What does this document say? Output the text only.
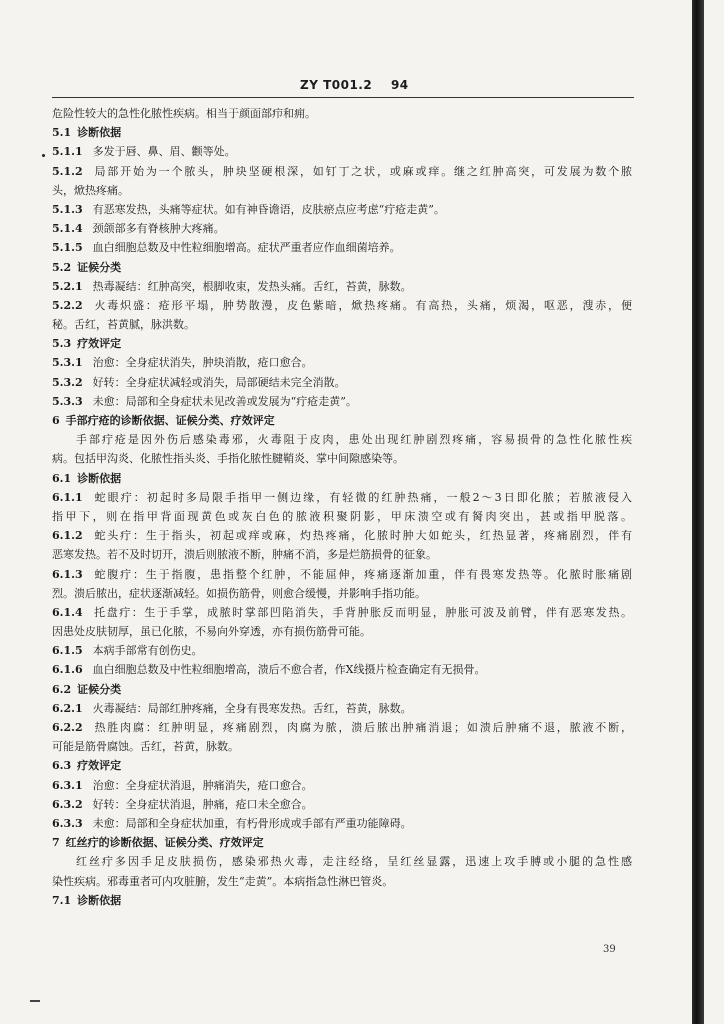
ZY T001.2 94
危险性较大的急性化脓性疾病。相当于颜面部疖和痈。
5.1 诊断依据
5.1.1 多发于唇、鼻、眉、颧等处。
5.1.2 局部开始为一个脓头，肿块坚硬根深，如钉丁之状，或麻或痒。继之红肿高突，可发展为数个脓
头，焮热疼痛。
5.1.3 有恶寒发热，头痛等症状。如有神昏谵语，皮肤瘀点应考虑“疔疮走黄”。
5.1.4 颈颌部多有脊核肿大疼痛。
5.1.5 血白细胞总数及中性粒细胞增高。症状严重者应作血细菌培养。
5.2 证候分类
5.2.1 热毒凝结：红肿高突，根脚收束，发热头痛。舌红，苔黄，脉数。
5.2.2 火毒炽盛：疮形平塌，肿势散漫，皮色紫暗，焮热疼痛。有高热，头痛，烦渴，呕恶，溲赤，便
秘。舌红，苔黄腻，脉洪数。
5.3 疗效评定
5.3.1 治愈：全身症状消失，肿块消散，疮口愈合。
5.3.2 好转：全身症状减轻或消失，局部硬结未完全消散。
5.3.3 未愈：局部和全身症状未见改善或发展为“疔疮走黄”。
6 手部疔疮的诊断依据、证候分类、疗效评定
手部疔疮是因外伤后感染毒邪，火毒阻于皮肉，患处出现红肿剧烈疼痛，容易损骨的急性化脓性疾
病。包括甲沟炎、化脓性指头炎、手指化脓性腱鞘炎、掌中间隙感染等。
6.1 诊断依据
6.1.1 蛇眼疔：初起时多局限手指甲一侧边缘，有轻微的红肿热痛，一般2～3日即化脓；若脓液侵入
指甲下，则在指甲背面现黄色或灰白色的脓液积聚阴影，甲床溃空或有胬肉突出，甚或指甲脱落。
6.1.2 蛇头疔：生于指头，初起或痒或麻，灼热疼痛，化脓时肿大如蛇头，红热显著，疼痛剧烈，伴有
恶寒发热。若不及时切开，溃后则脓液不断，肿痛不消，多是烂筋损骨的征象。
6.1.3 蛇腹疔：生于指腹，患指整个红肿，不能屈伸，疼痛逐渐加重，伴有畏寒发热等。化脓时胀痛剧
烈。溃后脓出，症状逐渐减轻。如损伤筋骨，则愈合缓慢，并影响手指功能。
6.1.4 托盘疔：生于手掌，成脓时掌部凹陷消失，手背肿胀反而明显，肿胀可波及前臂，伴有恶寒发热。
因患处皮肤韧厚，虽已化脓，不易向外穿透，亦有损伤筋骨可能。
6.1.5 本病手部常有创伤史。
6.1.6 血白细胞总数及中性粒细胞增高，溃后不愈合者，作X线摄片检查确定有无损骨。
6.2 证候分类
6.2.1 火毒凝结：局部红肿疼痛，全身有畏寒发热。舌红，苔黄，脉数。
6.2.2 热胜肉腐：红肿明显，疼痛剧烈，肉腐为脓，溃后脓出肿痛消退；如溃后肿痛不退，脓液不断，
可能是筋骨腐蚀。舌红，苔黄，脉数。
6.3 疗效评定
6.3.1 治愈：全身症状消退，肿痛消失，疮口愈合。
6.3.2 好转：全身症状消退，肿痛，疮口未全愈合。
6.3.3 未愈：局部和全身症状加重，有朽骨形成或手部有严重功能障碍。
7 红丝疔的诊断依据、证候分类、疗效评定
红丝疔多因手足皮肤损伤，感染邪热火毒，走注经络，呈红丝显露，迅速上攻手膊或小腿的急性感
染性疾病。邪毒重者可内攻脏腑，发生“走黄”。本病指急性淋巴管炎。
7.1 诊断依据
39
